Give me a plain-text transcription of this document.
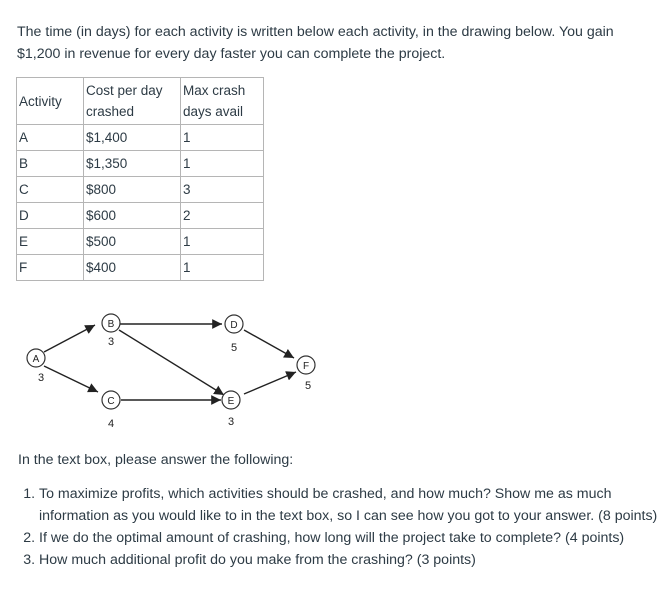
The time (in days) for each activity is written below each activity, in the drawing below. You gain $1,200 in revenue for every day faster you can complete the project.

Activity	Cost per day crashed	Max crash days avail
A	$1,400	1
B	$1,350	1
C	$800	3
D	$600	2
E	$500	1
F	$400	1
A
3
B
3
C
4
D
5
E
3
F
5

In the text box, please answer the following:

1. To maximize profits, which activities should be crashed, and how much? Show me as much information as you would like to in the text box, so I can see how you got to your answer. (8 points)
2. If we do the optimal amount of crashing, how long will the project take to complete? (4 points)
3. How much additional profit do you make from the crashing? (3 points)
